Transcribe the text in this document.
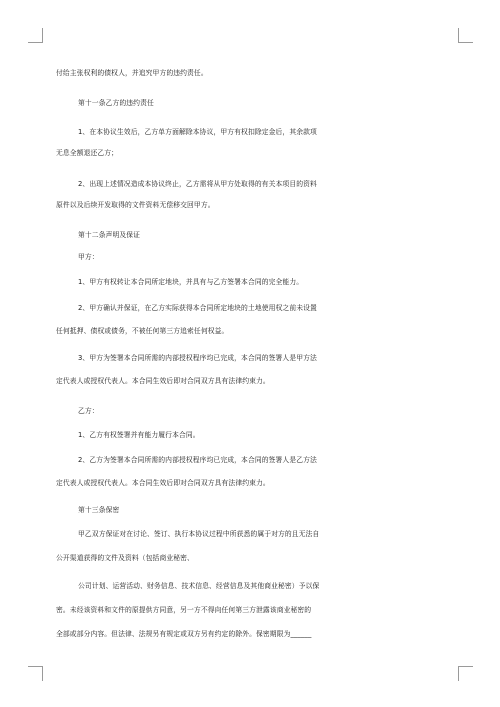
付给主张权利的债权人，并追究甲方的违约责任。
第十一条乙方的违约责任
1、在本协议生效后，乙方单方面解除本协议，甲方有权扣除定金后，其余款项
无息全额退还乙方；
2、出现上述情况造成本协议终止，乙方需将从甲方处取得的有关本项目的资料
原件以及后续开发取得的文件资料无偿移交回甲方。
第十二条声明及保证
甲方：
1、甲方有权转让本合同所定地块，并具有与乙方签署本合同的完全能力。
2、甲方确认并保证，在乙方实际获得本合同所定地块的土地使用权之前未设置
任何抵押、债权或债务，不被任何第三方追索任何权益。
3、甲方为签署本合同所需的内部授权程序均已完成，本合同的签署人是甲方法
定代表人或授权代表人。本合同生效后即对合同双方具有法律约束力。
乙方：
1、乙方有权签署并有能力履行本合同。
2、乙方为签署本合同所需的内部授权程序均已完成，本合同的签署人是乙方法
定代表人或授权代表人。本合同生效后即对合同双方具有法律约束力。
第十三条保密
甲乙双方保证对在讨论、签订、执行本协议过程中所获悉的属于对方的且无法自
公开渠道获得的文件及资料（包括商业秘密、
公司计划、运营活动、财务信息、技术信息、经营信息及其他商业秘密）予以保
密。未经该资料和文件的原提供方同意，另一方不得向任何第三方泄露该商业秘密的
全部或部分内容。但法律、法规另有规定或双方另有约定的除外。保密期限为______
